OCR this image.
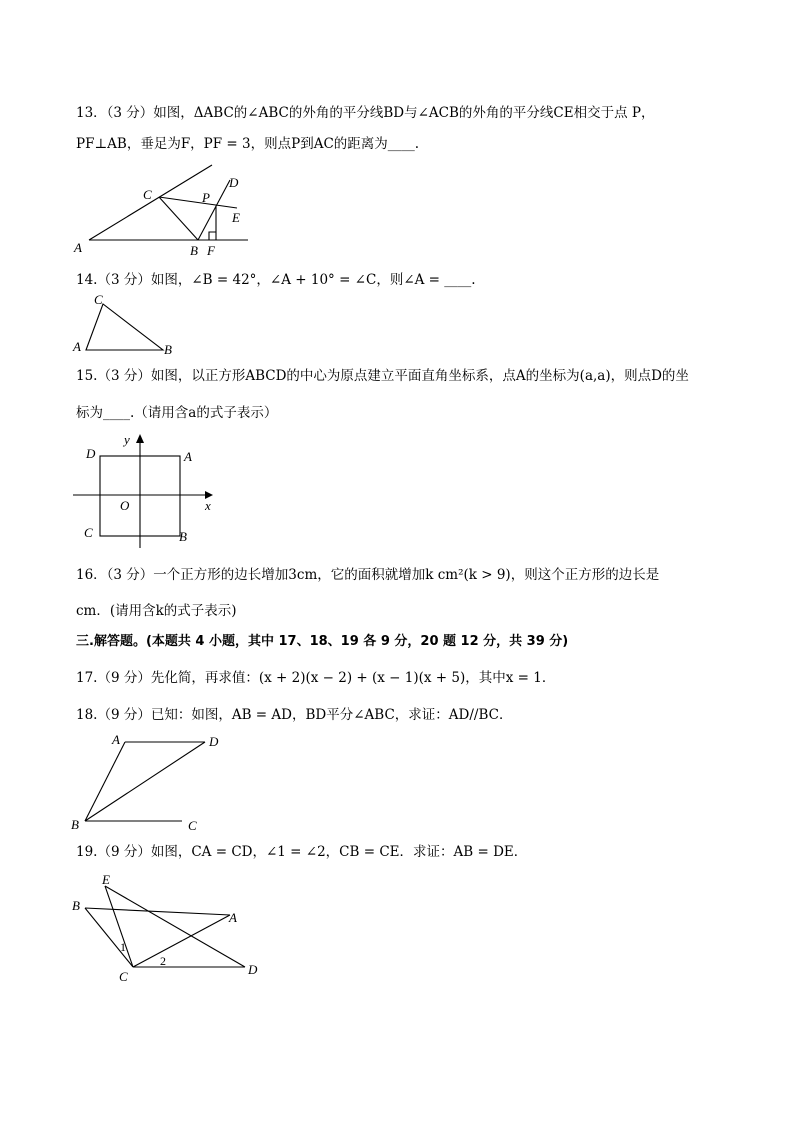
13．（3 分）如图，ΔABC的∠ABC的外角的平分线BD与∠ACB的外角的平分线CE相交于点 P，
PF⊥AB，垂足为F，PF = 3，则点P到AC的距离为____.
A
C	P
D
E
B F
14.（3 分）如图，∠B = 42°，∠A + 10° = ∠C，则∠A = ____.
C
A	B
15.（3 分）如图，以正方形ABCD的中心为原点建立平面直角坐标系，点A的坐标为(a,a)，则点D的坐
标为____.（请用含a的式子表示）
y
D	A
O	x
C	B
16．（3 分）一个正方形的边长增加3cm，它的面积就增加k cm²(k > 9)，则这个正方形的边长是
cm．(请用含k的式子表示)
三.解答题。(本题共 4 小题，其中 17、18、19 各 9 分，20 题 12 分，共 39 分)
17.（9 分）先化简，再求值：(x + 2)(x − 2) + (x − 1)(x + 5)，其中x = 1．
18.（9 分）已知：如图，AB = AD，BD平分∠ABC，求证：AD//BC．
A	D
B	C
19.（9 分）如图，CA = CD，∠1 = ∠2，CB = CE．求证：AB = DE．
E
B
A
1
2
C	D
